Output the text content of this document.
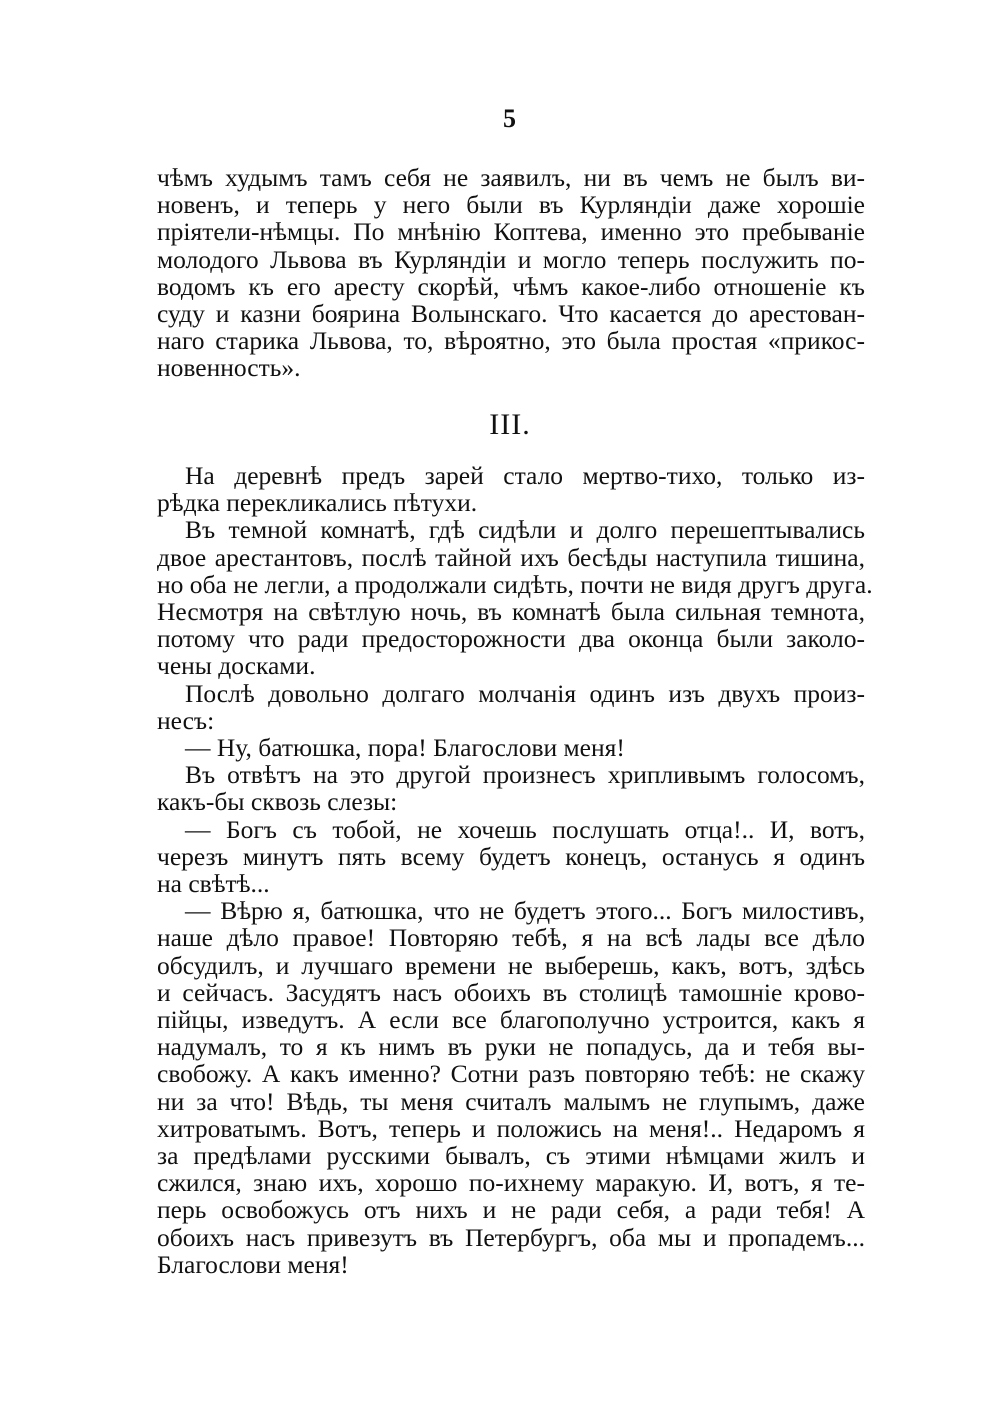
5
чѣмъ худымъ тамъ себя не заявилъ, ни въ чемъ не былъ ви-
новенъ, и теперь у него были въ Курляндіи даже хорошіе
пріятели-нѣмцы. По мнѣнію Коптева, именно это пребываніе
молодого Львова въ Курляндіи и могло теперь послужить по-
водомъ къ его аресту скорѣй, чѣмъ какое-либо отношеніе къ
суду и казни боярина Волынскаго. Что касается до арестован-
наго старика Львова, то, вѣроятно, это была простая «прикос-
новенность».
III.
На деревнѣ предъ зарей стало мертво-тихо, только из-
рѣдка перекликались пѣтухи.
Въ темной комнатѣ, гдѣ сидѣли и долго перешептывались
двое арестантовъ, послѣ тайной ихъ бесѣды наступила тишина,
но оба не легли, а продолжали сидѣть, почти не видя другъ друга.
Несмотря на свѣтлую ночь, въ комнатѣ была сильная темнота,
потому что ради предосторожности два оконца были заколо-
чены досками.
Послѣ довольно долгаго молчанія одинъ изъ двухъ произ-
несъ:
— Ну, батюшка, пора! Благослови меня!
Въ отвѣтъ на это другой произнесъ хрипливымъ голосомъ,
какъ-бы сквозь слезы:
— Богъ съ тобой, не хочешь послушать отца!.. И, вотъ,
черезъ минутъ пять всему будетъ конецъ, останусь я одинъ
на свѣтѣ...
— Вѣрю я, батюшка, что не будетъ этого... Богъ милостивъ,
наше дѣло правое! Повторяю тебѣ, я на всѣ лады все дѣло
обсудилъ, и лучшаго времени не выберешь, какъ, вотъ, здѣсь
и сейчасъ. Засудятъ насъ обоихъ въ столицѣ тамошніе крово-
пійцы, изведутъ. А если все благополучно устроится, какъ я
надумалъ, то я къ нимъ въ руки не попадусь, да и тебя вы-
свобожу. А какъ именно? Сотни разъ повторяю тебѣ: не скажу
ни за что! Вѣдь, ты меня считалъ малымъ не глупымъ, даже
хитроватымъ. Вотъ, теперь и положись на меня!.. Недаромъ я
за предѣлами русскими бывалъ, съ этими нѣмцами жилъ и
сжился, знаю ихъ, хорошо по-ихнему маракую. И, вотъ, я те-
перь освобожусь отъ нихъ и не ради себя, а ради тебя! А
обоихъ насъ привезутъ въ Петербургъ, оба мы и пропадемъ...
Благослови меня!
